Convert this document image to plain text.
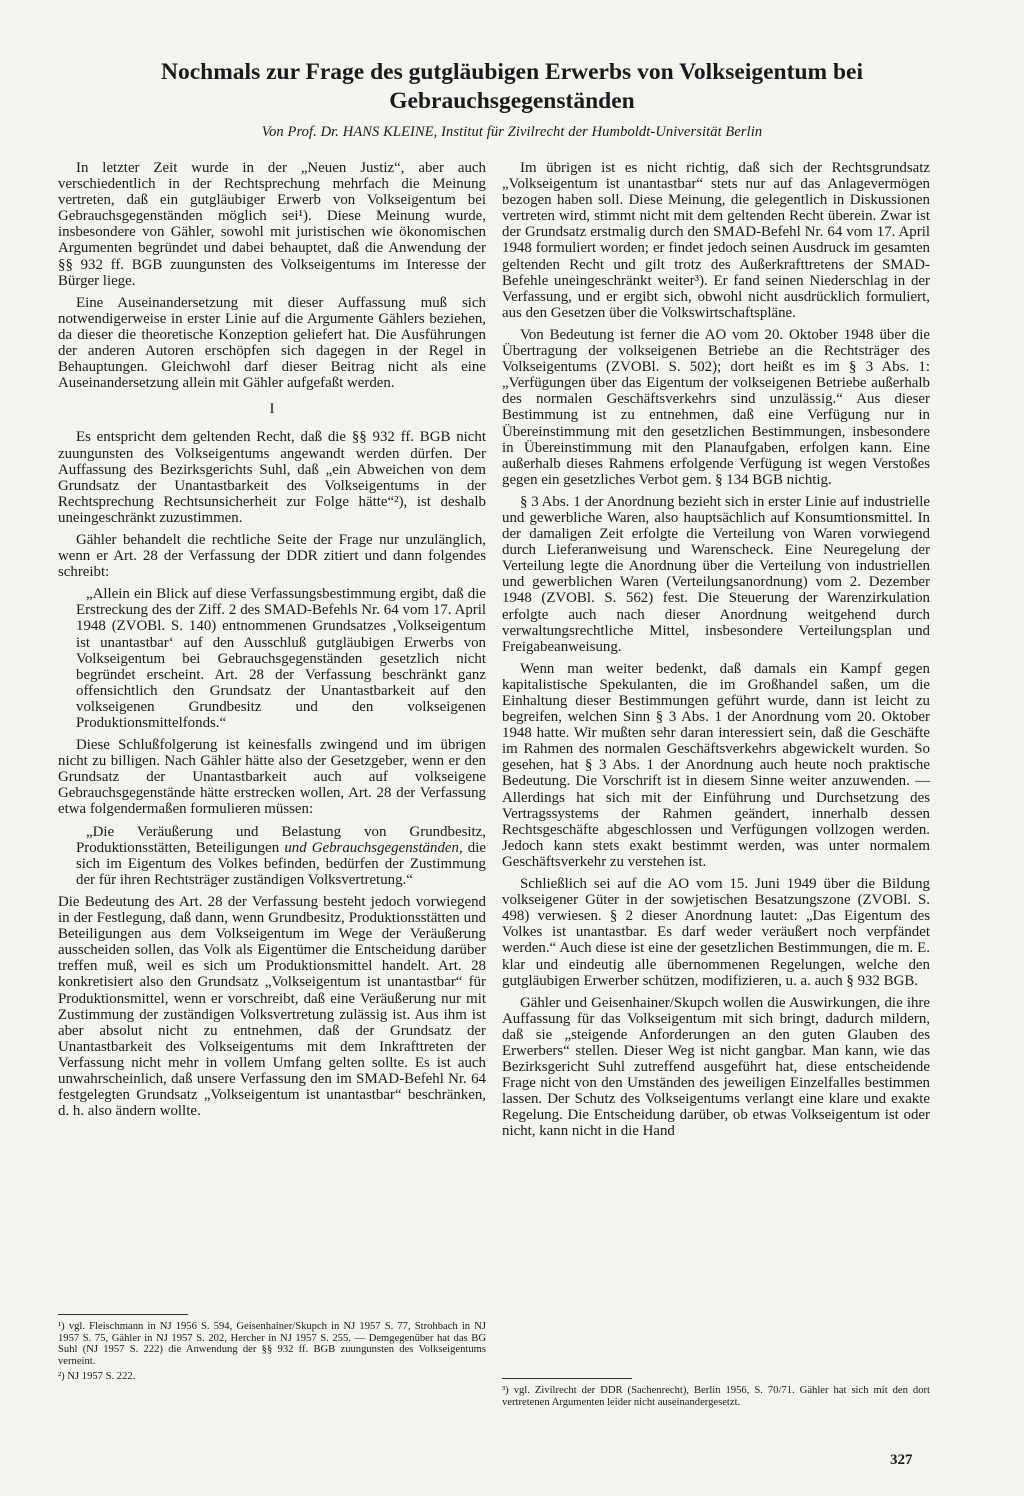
Nochmals zur Frage des gutgläubigen Erwerbs von Volkseigentum bei Gebrauchsgegenständen

Von Prof. Dr. HANS KLEINE, Institut für Zivilrecht der Humboldt-Universität Berlin

In letzter Zeit wurde in der „Neuen Justiz“, aber auch verschiedentlich in der Rechtsprechung mehrfach die Meinung vertreten, daß ein gutgläubiger Erwerb von Volkseigentum bei Gebrauchsgegenständen möglich sei¹). Diese Meinung wurde, insbesondere von Gähler, sowohl mit juristischen wie ökonomischen Argumenten begründet und dabei behauptet, daß die Anwendung der §§ 932 ff. BGB zuungunsten des Volkseigentums im Interesse der Bürger liege.

Eine Auseinandersetzung mit dieser Auffassung muß sich notwendigerweise in erster Linie auf die Argumente Gählers beziehen, da dieser die theoretische Konzeption geliefert hat. Die Ausführungen der anderen Autoren erschöpfen sich dagegen in der Regel in Behauptungen. Gleichwohl darf dieser Beitrag nicht als eine Auseinandersetzung allein mit Gähler aufgefaßt werden.

I

Es entspricht dem geltenden Recht, daß die §§ 932 ff. BGB nicht zuungunsten des Volkseigentums angewandt werden dürfen. Der Auffassung des Bezirksgerichts Suhl, daß „ein Abweichen von dem Grundsatz der Unantastbarkeit des Volkseigentums in der Rechtsprechung Rechtsunsicherheit zur Folge hätte“²), ist deshalb uneingeschränkt zuzustimmen.

Gähler behandelt die rechtliche Seite der Frage nur unzulänglich, wenn er Art. 28 der Verfassung der DDR zitiert und dann folgendes schreibt:

„Allein ein Blick auf diese Verfassungsbestimmung ergibt, daß die Erstreckung des der Ziff. 2 des SMAD-Befehls Nr. 64 vom 17. April 1948 (ZVOBl. S. 140) entnommenen Grundsatzes ‚Volkseigentum ist unantastbar‘ auf den Ausschluß gutgläubigen Erwerbs von Volkseigentum bei Gebrauchsgegenständen gesetzlich nicht begründet erscheint. Art. 28 der Verfassung beschränkt ganz offensichtlich den Grundsatz der Unantastbarkeit auf den volkseigenen Grundbesitz und den volkseigenen Produktionsmittelfonds.“

Diese Schlußfolgerung ist keinesfalls zwingend und im übrigen nicht zu billigen. Nach Gähler hätte also der Gesetzgeber, wenn er den Grundsatz der Unantastbarkeit auch auf volkseigene Gebrauchsgegenstände hätte erstrecken wollen, Art. 28 der Verfassung etwa folgendermaßen formulieren müssen:

„Die Veräußerung und Belastung von Grundbesitz, Produktionsstätten, Beteiligungen und Gebrauchsgegenständen, die sich im Eigentum des Volkes befinden, bedürfen der Zustimmung der für ihren Rechtsträger zuständigen Volksvertretung.“

Die Bedeutung des Art. 28 der Verfassung besteht jedoch vorwiegend in der Festlegung, daß dann, wenn Grundbesitz, Produktionsstätten und Beteiligungen aus dem Volkseigentum im Wege der Veräußerung ausscheiden sollen, das Volk als Eigentümer die Entscheidung darüber treffen muß, weil es sich um Produktionsmittel handelt. Art. 28 konkretisiert also den Grundsatz „Volkseigentum ist unantastbar“ für Produktionsmittel, wenn er vorschreibt, daß eine Veräußerung nur mit Zustimmung der zuständigen Volksvertretung zulässig ist. Aus ihm ist aber absolut nicht zu entnehmen, daß der Grundsatz der Unantastbarkeit des Volkseigentums mit dem Inkrafttreten der Verfassung nicht mehr in vollem Umfang gelten sollte. Es ist auch unwahrscheinlich, daß unsere Verfassung den im SMAD-Befehl Nr. 64 festgelegten Grundsatz „Volkseigentum ist unantastbar“ beschränken, d. h. also ändern wollte.

¹) vgl. Fleischmann in NJ 1956 S. 594, Geisenhainer/Skupch in NJ 1957 S. 77, Strohbach in NJ 1957 S. 75, Gähler in NJ 1957 S. 202, Hercher in NJ 1957 S. 255. — Demgegenüber hat das BG Suhl (NJ 1957 S. 222) die Anwendung der §§ 932 ff. BGB zuungunsten des Volkseigentums verneint.

²) NJ 1957 S. 222.

Im übrigen ist es nicht richtig, daß sich der Rechtsgrundsatz „Volkseigentum ist unantastbar“ stets nur auf das Anlagevermögen bezogen haben soll. Diese Meinung, die gelegentlich in Diskussionen vertreten wird, stimmt nicht mit dem geltenden Recht überein. Zwar ist der Grundsatz erstmalig durch den SMAD-Befehl Nr. 64 vom 17. April 1948 formuliert worden; er findet jedoch seinen Ausdruck im gesamten geltenden Recht und gilt trotz des Außerkrafttretens der SMAD-Befehle uneingeschränkt weiter³). Er fand seinen Niederschlag in der Verfassung, und er ergibt sich, obwohl nicht ausdrücklich formuliert, aus den Gesetzen über die Volkswirtschaftspläne.

Von Bedeutung ist ferner die AO vom 20. Oktober 1948 über die Übertragung der volkseigenen Betriebe an die Rechtsträger des Volkseigentums (ZVOBl. S. 502); dort heißt es im § 3 Abs. 1: „Verfügungen über das Eigentum der volkseigenen Betriebe außerhalb des normalen Geschäftsverkehrs sind unzulässig.“ Aus dieser Bestimmung ist zu entnehmen, daß eine Verfügung nur in Übereinstimmung mit den gesetzlichen Bestimmungen, insbesondere in Übereinstimmung mit den Planaufgaben, erfolgen kann. Eine außerhalb dieses Rahmens erfolgende Verfügung ist wegen Verstoßes gegen ein gesetzliches Verbot gem. § 134 BGB nichtig.

§ 3 Abs. 1 der Anordnung bezieht sich in erster Linie auf industrielle und gewerbliche Waren, also hauptsächlich auf Konsumtionsmittel. In der damaligen Zeit erfolgte die Verteilung von Waren vorwiegend durch Lieferanweisung und Warenscheck. Eine Neuregelung der Verteilung legte die Anordnung über die Verteilung von industriellen und gewerblichen Waren (Verteilungsanordnung) vom 2. Dezember 1948 (ZVOBl. S. 562) fest. Die Steuerung der Warenzirkulation erfolgte auch nach dieser Anordnung weitgehend durch verwaltungsrechtliche Mittel, insbesondere Verteilungsplan und Freigabeanweisung.

Wenn man weiter bedenkt, daß damals ein Kampf gegen kapitalistische Spekulanten, die im Großhandel saßen, um die Einhaltung dieser Bestimmungen geführt wurde, dann ist leicht zu begreifen, welchen Sinn § 3 Abs. 1 der Anordnung vom 20. Oktober 1948 hatte. Wir mußten sehr daran interessiert sein, daß die Geschäfte im Rahmen des normalen Geschäftsverkehrs abgewickelt wurden. So gesehen, hat § 3 Abs. 1 der Anordnung auch heute noch praktische Bedeutung. Die Vorschrift ist in diesem Sinne weiter anzuwenden. — Allerdings hat sich mit der Einführung und Durchsetzung des Vertragssystems der Rahmen geändert, innerhalb dessen Rechtsgeschäfte abgeschlossen und Verfügungen vollzogen werden. Jedoch kann stets exakt bestimmt werden, was unter normalem Geschäftsverkehr zu verstehen ist.

Schließlich sei auf die AO vom 15. Juni 1949 über die Bildung volkseigener Güter in der sowjetischen Besatzungszone (ZVOBl. S. 498) verwiesen. § 2 dieser Anordnung lautet: „Das Eigentum des Volkes ist unantastbar. Es darf weder veräußert noch verpfändet werden.“ Auch diese ist eine der gesetzlichen Bestimmungen, die m. E. klar und eindeutig alle übernommenen Regelungen, welche den gutgläubigen Erwerber schützen, modifizieren, u. a. auch § 932 BGB.

Gähler und Geisenhainer/Skupch wollen die Auswirkungen, die ihre Auffassung für das Volkseigentum mit sich bringt, dadurch mildern, daß sie „steigende Anforderungen an den guten Glauben des Erwerbers“ stellen. Dieser Weg ist nicht gangbar. Man kann, wie das Bezirksgericht Suhl zutreffend ausgeführt hat, diese entscheidende Frage nicht von den Umständen des jeweiligen Einzelfalles bestimmen lassen. Der Schutz des Volkseigentums verlangt eine klare und exakte Regelung. Die Entscheidung darüber, ob etwas Volkseigentum ist oder nicht, kann nicht in die Hand

³) vgl. Zivilrecht der DDR (Sachenrecht), Berlin 1956, S. 70/71. Gähler hat sich mit den dort vertretenen Argumenten leider nicht auseinandergesetzt.

327
